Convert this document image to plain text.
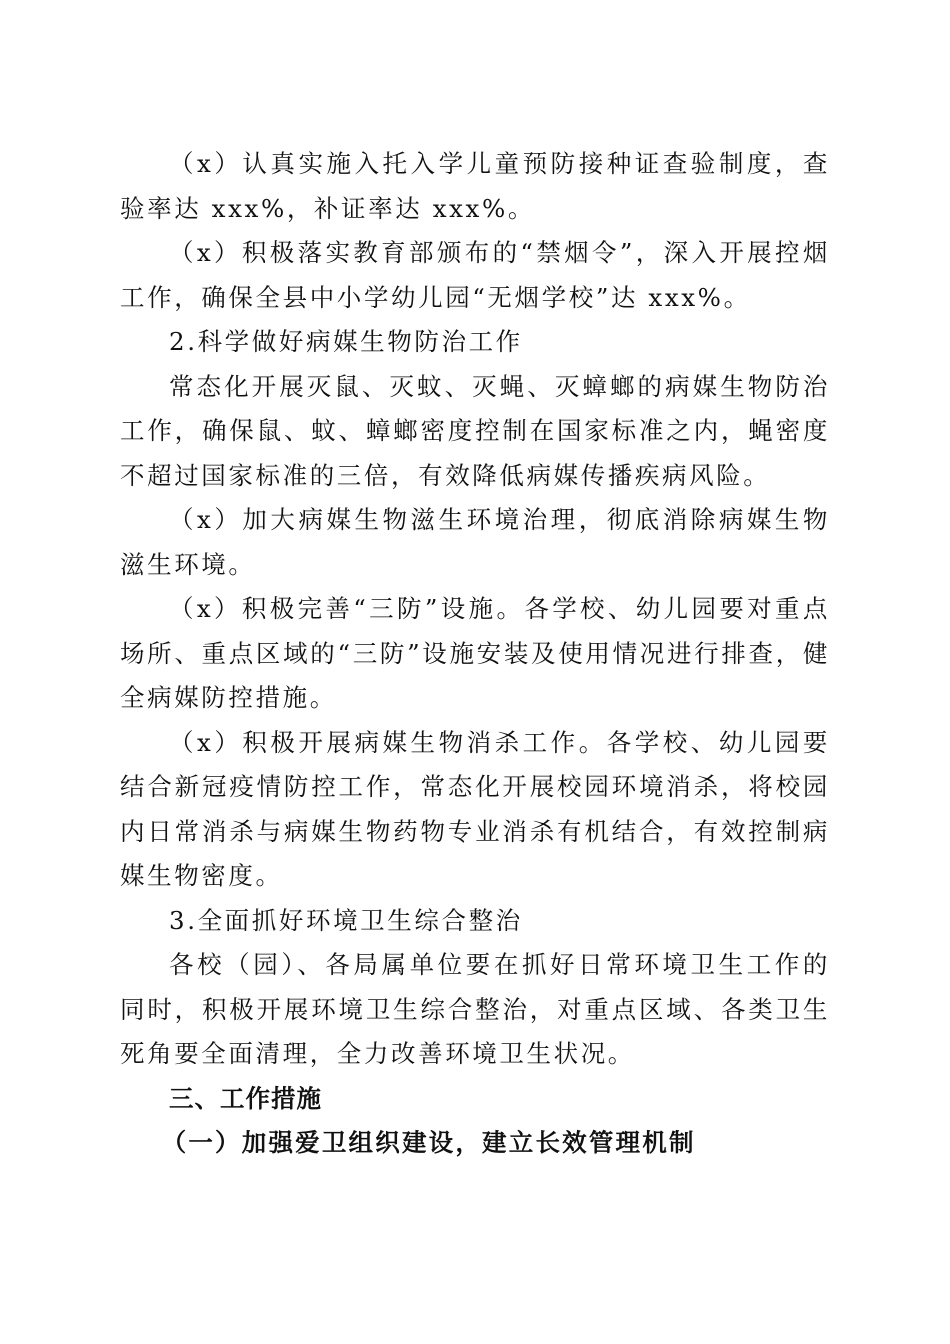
（x）认真实施入托入学儿童预防接种证查验制度，查验率达 xxx%，补证率达 xxx%。

（x）积极落实教育部颁布的“禁烟令”，深入开展控烟工作，确保全县中小学幼儿园“无烟学校”达 xxx%。

2.科学做好病媒生物防治工作

常态化开展灭鼠、灭蚊、灭蝇、灭蟑螂的病媒生物防治工作，确保鼠、蚊、蟑螂密度控制在国家标准之内，蝇密度不超过国家标准的三倍，有效降低病媒传播疾病风险。

（x）加大病媒生物滋生环境治理，彻底消除病媒生物滋生环境。

（x）积极完善“三防”设施。各学校、幼儿园要对重点场所、重点区域的“三防”设施安装及使用情况进行排查，健全病媒防控措施。

（x）积极开展病媒生物消杀工作。各学校、幼儿园要结合新冠疫情防控工作，常态化开展校园环境消杀，将校园内日常消杀与病媒生物药物专业消杀有机结合，有效控制病媒生物密度。

3.全面抓好环境卫生综合整治

各校（园）、各局属单位要在抓好日常环境卫生工作的同时，积极开展环境卫生综合整治，对重点区域、各类卫生死角要全面清理，全力改善环境卫生状况。

三、工作措施

（一）加强爱卫组织建设，建立长效管理机制
